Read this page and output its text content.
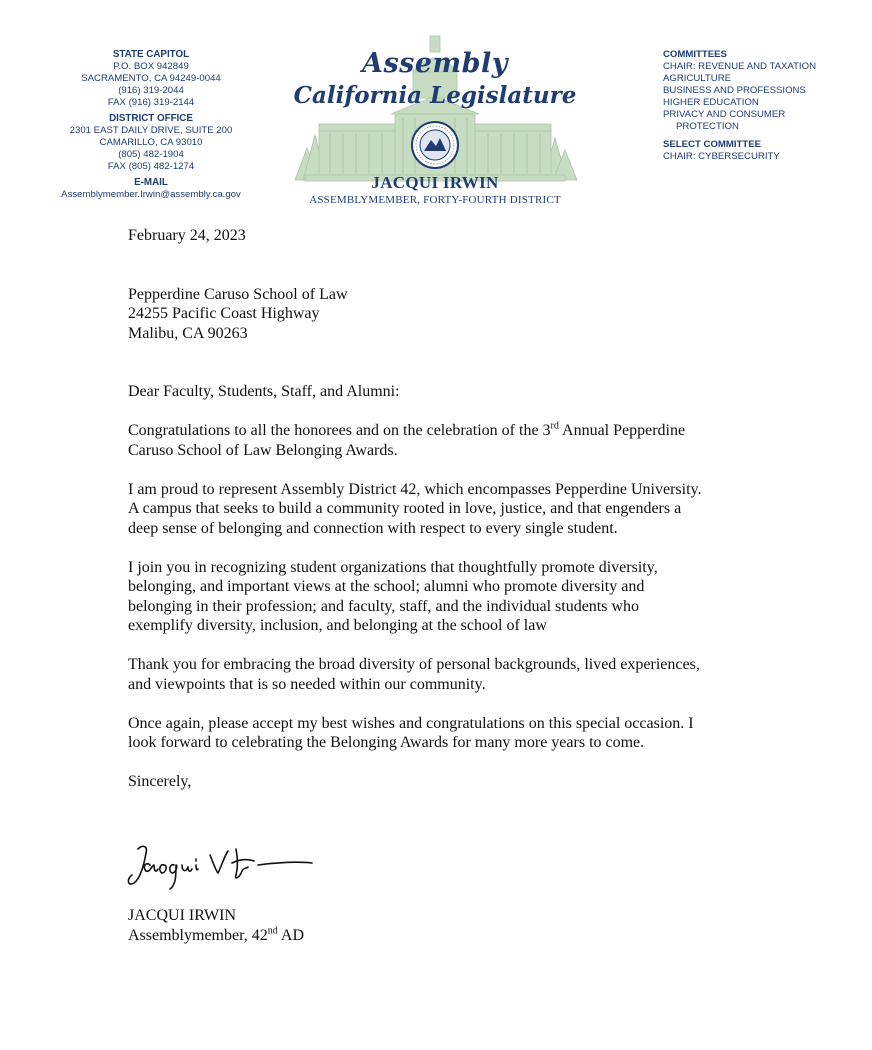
STATE CAPITOL
P.O. BOX 942849
SACRAMENTO, CA 94249-0044
(916) 319-2044
FAX (916) 319-2144
DISTRICT OFFICE
2301 EAST DAILY DRIVE, SUITE 200
CAMARILLO, CA 93010
(805) 482-1904
FAX (805) 482-1274
E-MAIL
Assemblymember.Irwin@assembly.ca.gov
Assembly
California Legislature
JACQUI IRWIN
ASSEMBLYMEMBER, FORTY-FOURTH DISTRICT
COMMITTEES
CHAIR: REVENUE AND TAXATION
AGRICULTURE
BUSINESS AND PROFESSIONS
HIGHER EDUCATION
PRIVACY AND CONSUMER
PROTECTION
SELECT COMMITTEE
CHAIR: CYBERSECURITY

February 24, 2023

Pepperdine Caruso School of Law

24255 Pacific Coast Highway

Malibu, CA 90263

Dear Faculty, Students, Staff, and Alumni:

Congratulations to all the honorees and on the celebration of the 3rd Annual Pepperdine

Caruso School of Law Belonging Awards.

I am proud to represent Assembly District 42, which encompasses Pepperdine University.

A campus that seeks to build a community rooted in love, justice, and that engenders a

deep sense of belonging and connection with respect to every single student.

I join you in recognizing student organizations that thoughtfully promote diversity,

belonging, and important views at the school; alumni who promote diversity and

belonging in their profession; and faculty, staff, and the individual students who

exemplify diversity, inclusion, and belonging at the school of law

Thank you for embracing the broad diversity of personal backgrounds, lived experiences,

and viewpoints that is so needed within our community.

Once again, please accept my best wishes and congratulations on this special occasion. I

look forward to celebrating the Belonging Awards for many more years to come.

Sincerely,

JACQUI IRWIN
Assemblymember, 42nd AD
